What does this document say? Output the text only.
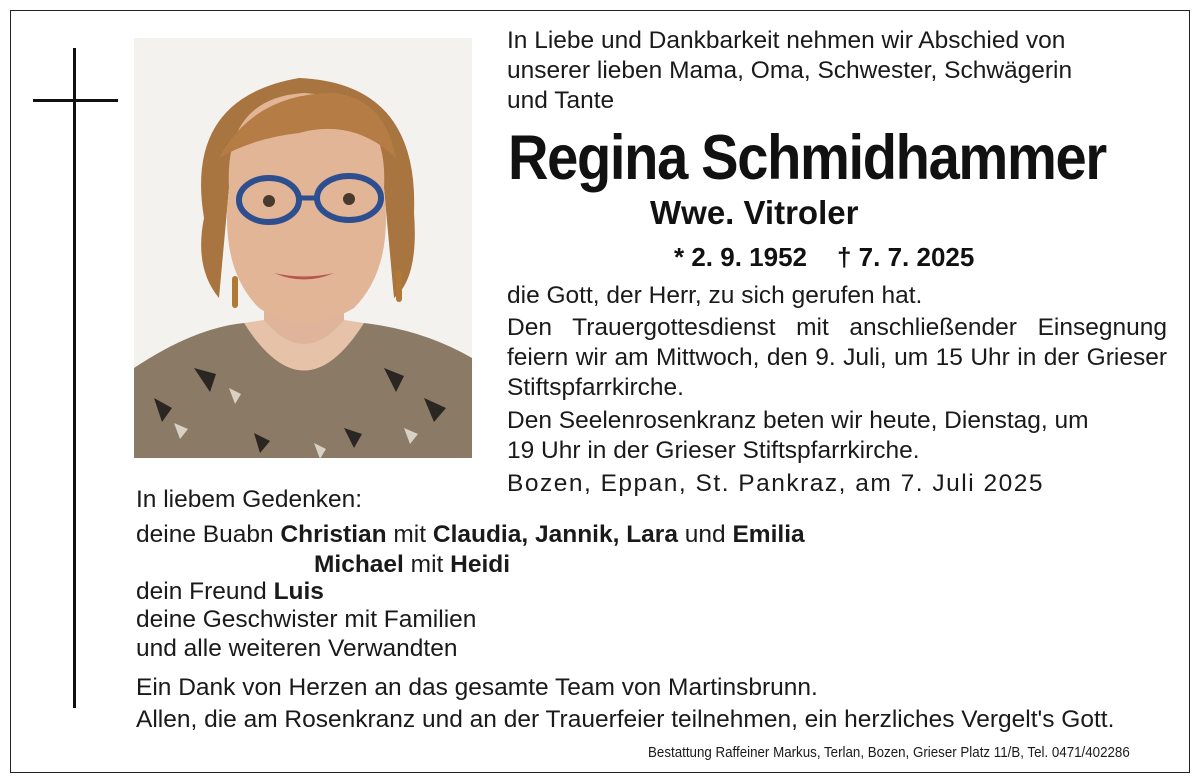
In Liebe und Dankbarkeit nehmen wir Abschied von
unserer lieben Mama, Oma, Schwester, Schwägerin
und Tante
Regina Schmidhammer
Wwe. Vitroler
* 2. 9. 1952 † 7. 7. 2025
die Gott, der Herr, zu sich gerufen hat.
Den Trauergottesdienst mit anschließender Einsegnung feiern wir am Mittwoch, den 9. Juli, um 15 Uhr in der Grieser Stiftspfarrkirche.
Den Seelenrosenkranz beten wir heute, Dienstag, um
19 Uhr in der Grieser Stiftspfarrkirche.
Bozen, Eppan, St. Pankraz, am 7. Juli 2025
In liebem Gedenken:
deine Buabn Christian mit Claudia, Jannik, Lara und Emilia
Michael mit Heidi
dein Freund Luis
deine Geschwister mit Familien
und alle weiteren Verwandten
Ein Dank von Herzen an das gesamte Team von Martinsbrunn.
Allen, die am Rosenkranz und an der Trauerfeier teilnehmen, ein herzliches Vergelt's Gott.
Bestattung Raffeiner Markus, Terlan, Bozen, Grieser Platz 11/B, Tel. 0471/402286
